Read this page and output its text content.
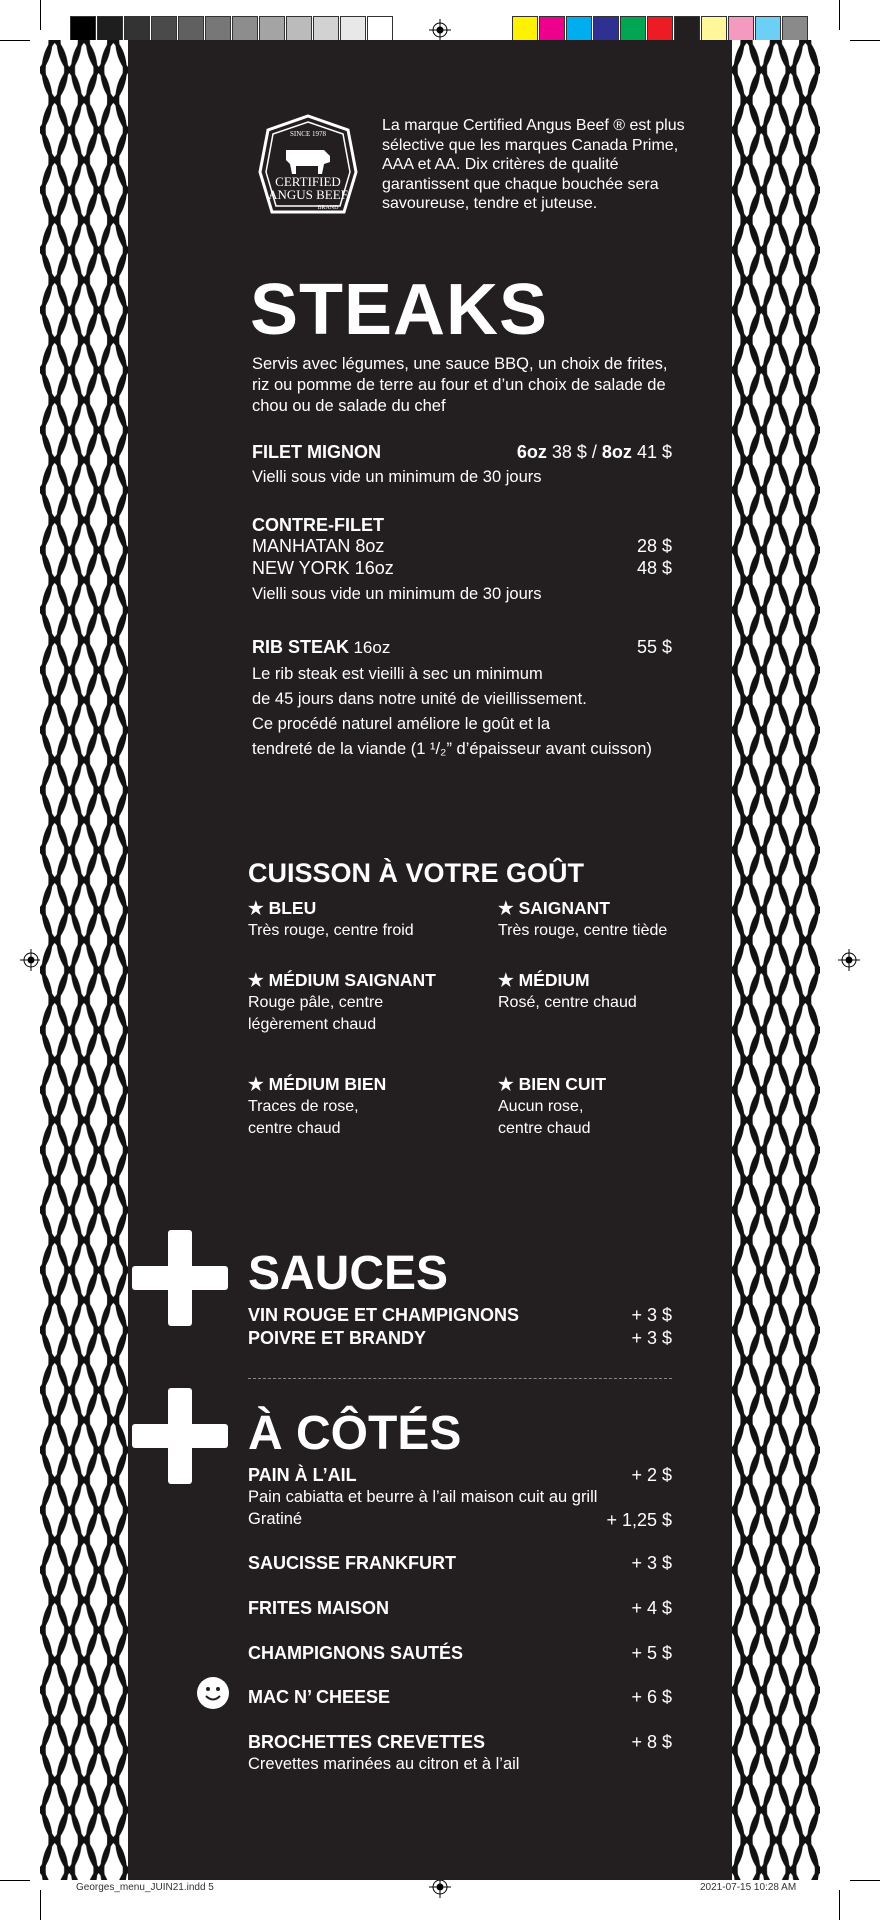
SINCE 1978
CERTIFIED
ANGUS BEEF
BRAND
La marque Certified Angus Beef ® est plus sélective que les marques Canada Prime, AAA et AA. Dix critères de qualité garantissent que chaque bouchée sera savoureuse, tendre et juteuse.
STEAKS
Servis avec légumes, une sauce BBQ, un choix de frites, riz ou pomme de terre au four et d’un choix de salade de chou ou de salade du chef
FILET MIGNON	6oz 38 $ / 8oz 41 $
Vielli sous vide un minimum de 30 jours
CONTRE-FILET
MANHATAN 8oz	28 $
NEW YORK 16oz	48 $
Vielli sous vide un minimum de 30 jours
RIB STEAK 16oz	55 $
Le rib steak est vieilli à sec un minimum
de 45 jours dans notre unité de vieillissement.
Ce procédé naturel améliore le goût et la
tendreté de la viande (1 ¹/₂” d’épaisseur avant cuisson)
CUISSON À VOTRE GOÛT
★ BLEU
Très rouge, centre froid
★ SAIGNANT
Très rouge, centre tiède
★ MÉDIUM SAIGNANT
Rouge pâle, centre
légèrement chaud
★ MÉDIUM
Rosé, centre chaud
★ MÉDIUM BIEN
Traces de rose,
centre chaud
★ BIEN CUIT
Aucun rose,
centre chaud
SAUCES
VIN ROUGE ET CHAMPIGNONS	+ 3 $
POIVRE ET BRANDY	+ 3 $
À CÔTÉS
PAIN À L’AIL	+ 2 $
Pain cabiatta et beurre à l’ail maison cuit au grill
Gratiné	+ 1,25 $
SAUCISSE FRANKFURT	+ 3 $
FRITES MAISON	+ 4 $
CHAMPIGNONS SAUTÉS	+ 5 $
MAC N’ CHEESE	+ 6 $
BROCHETTES CREVETTES	+ 8 $
Crevettes marinées au citron et à l’ail
Georges_menu_JUIN21.indd 5	2021-07-15 10:28 AM
